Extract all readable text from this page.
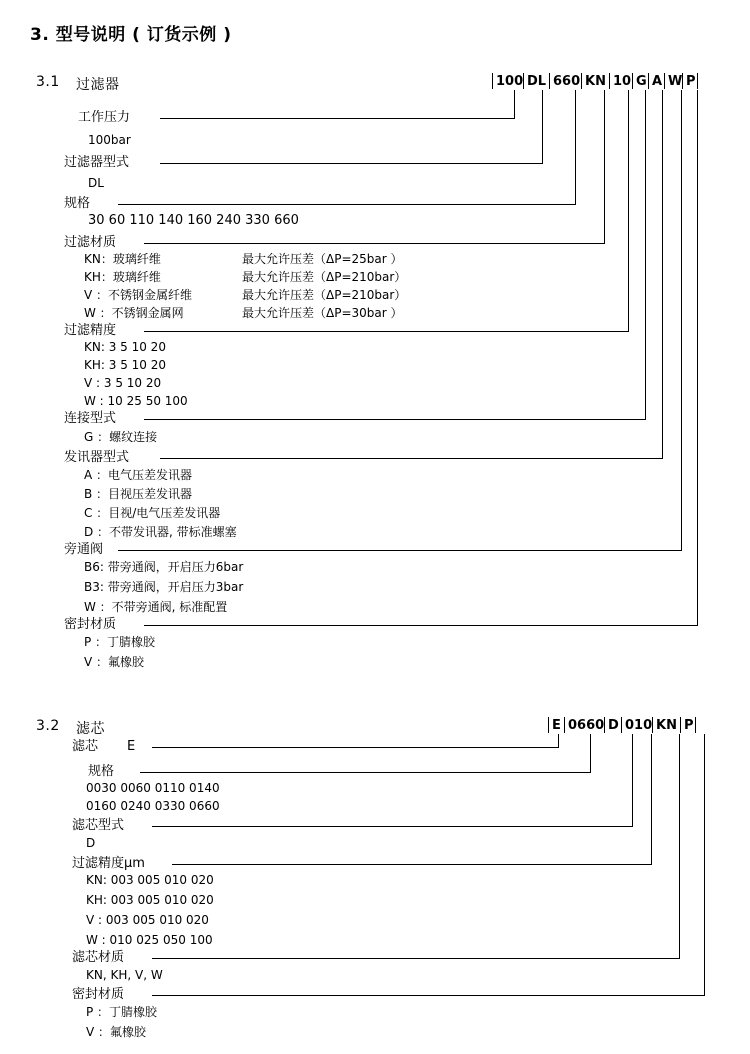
3. 型号说明 ( 订货示例 )
3.1 过滤器	100 DL 660 KN 10 G A W P
工作压力
100bar
过滤器型式
DL
规格
30 60 110 140 160 240 330 660
过滤材质
KN：玻璃纤维
KH：玻璃纤维
V ：不锈钢金属纤维
W ：不锈钢金属网
最大允许压差（ΔP=25bar ）
最大允许压差（ΔP=210bar）
最大允许压差（ΔP=210bar）
最大允许压差（ΔP=30bar ）
过滤精度
KN: 3 5 10 20
KH: 3 5 10 20
V : 3 5 10 20
W : 10 25 50 100
连接型式
G ：螺纹连接
发讯器型式
A ：电气压差发讯器
B ：目视压差发讯器
C ：目视/电气压差发讯器
D ：不带发讯器, 带标准螺塞
旁通阀
B6: 带旁通阀，开启压力6bar
B3: 带旁通阀，开启压力3bar
W ：不带旁通阀, 标准配置
密封材质
P ：丁腈橡胶
V ：氟橡胶
3.2 滤芯	E 0660 D 010 KN P
滤芯 E
规格
0030 0060 0110 0140
0160 0240 0330 0660
滤芯型式
D
过滤精度μm
KN: 003 005 010 020
KH: 003 005 010 020
V : 003 005 010 020
W : 010 025 050 100
滤芯材质
KN, KH, V, W
密封材质
P ：丁腈橡胶
V ：氟橡胶
